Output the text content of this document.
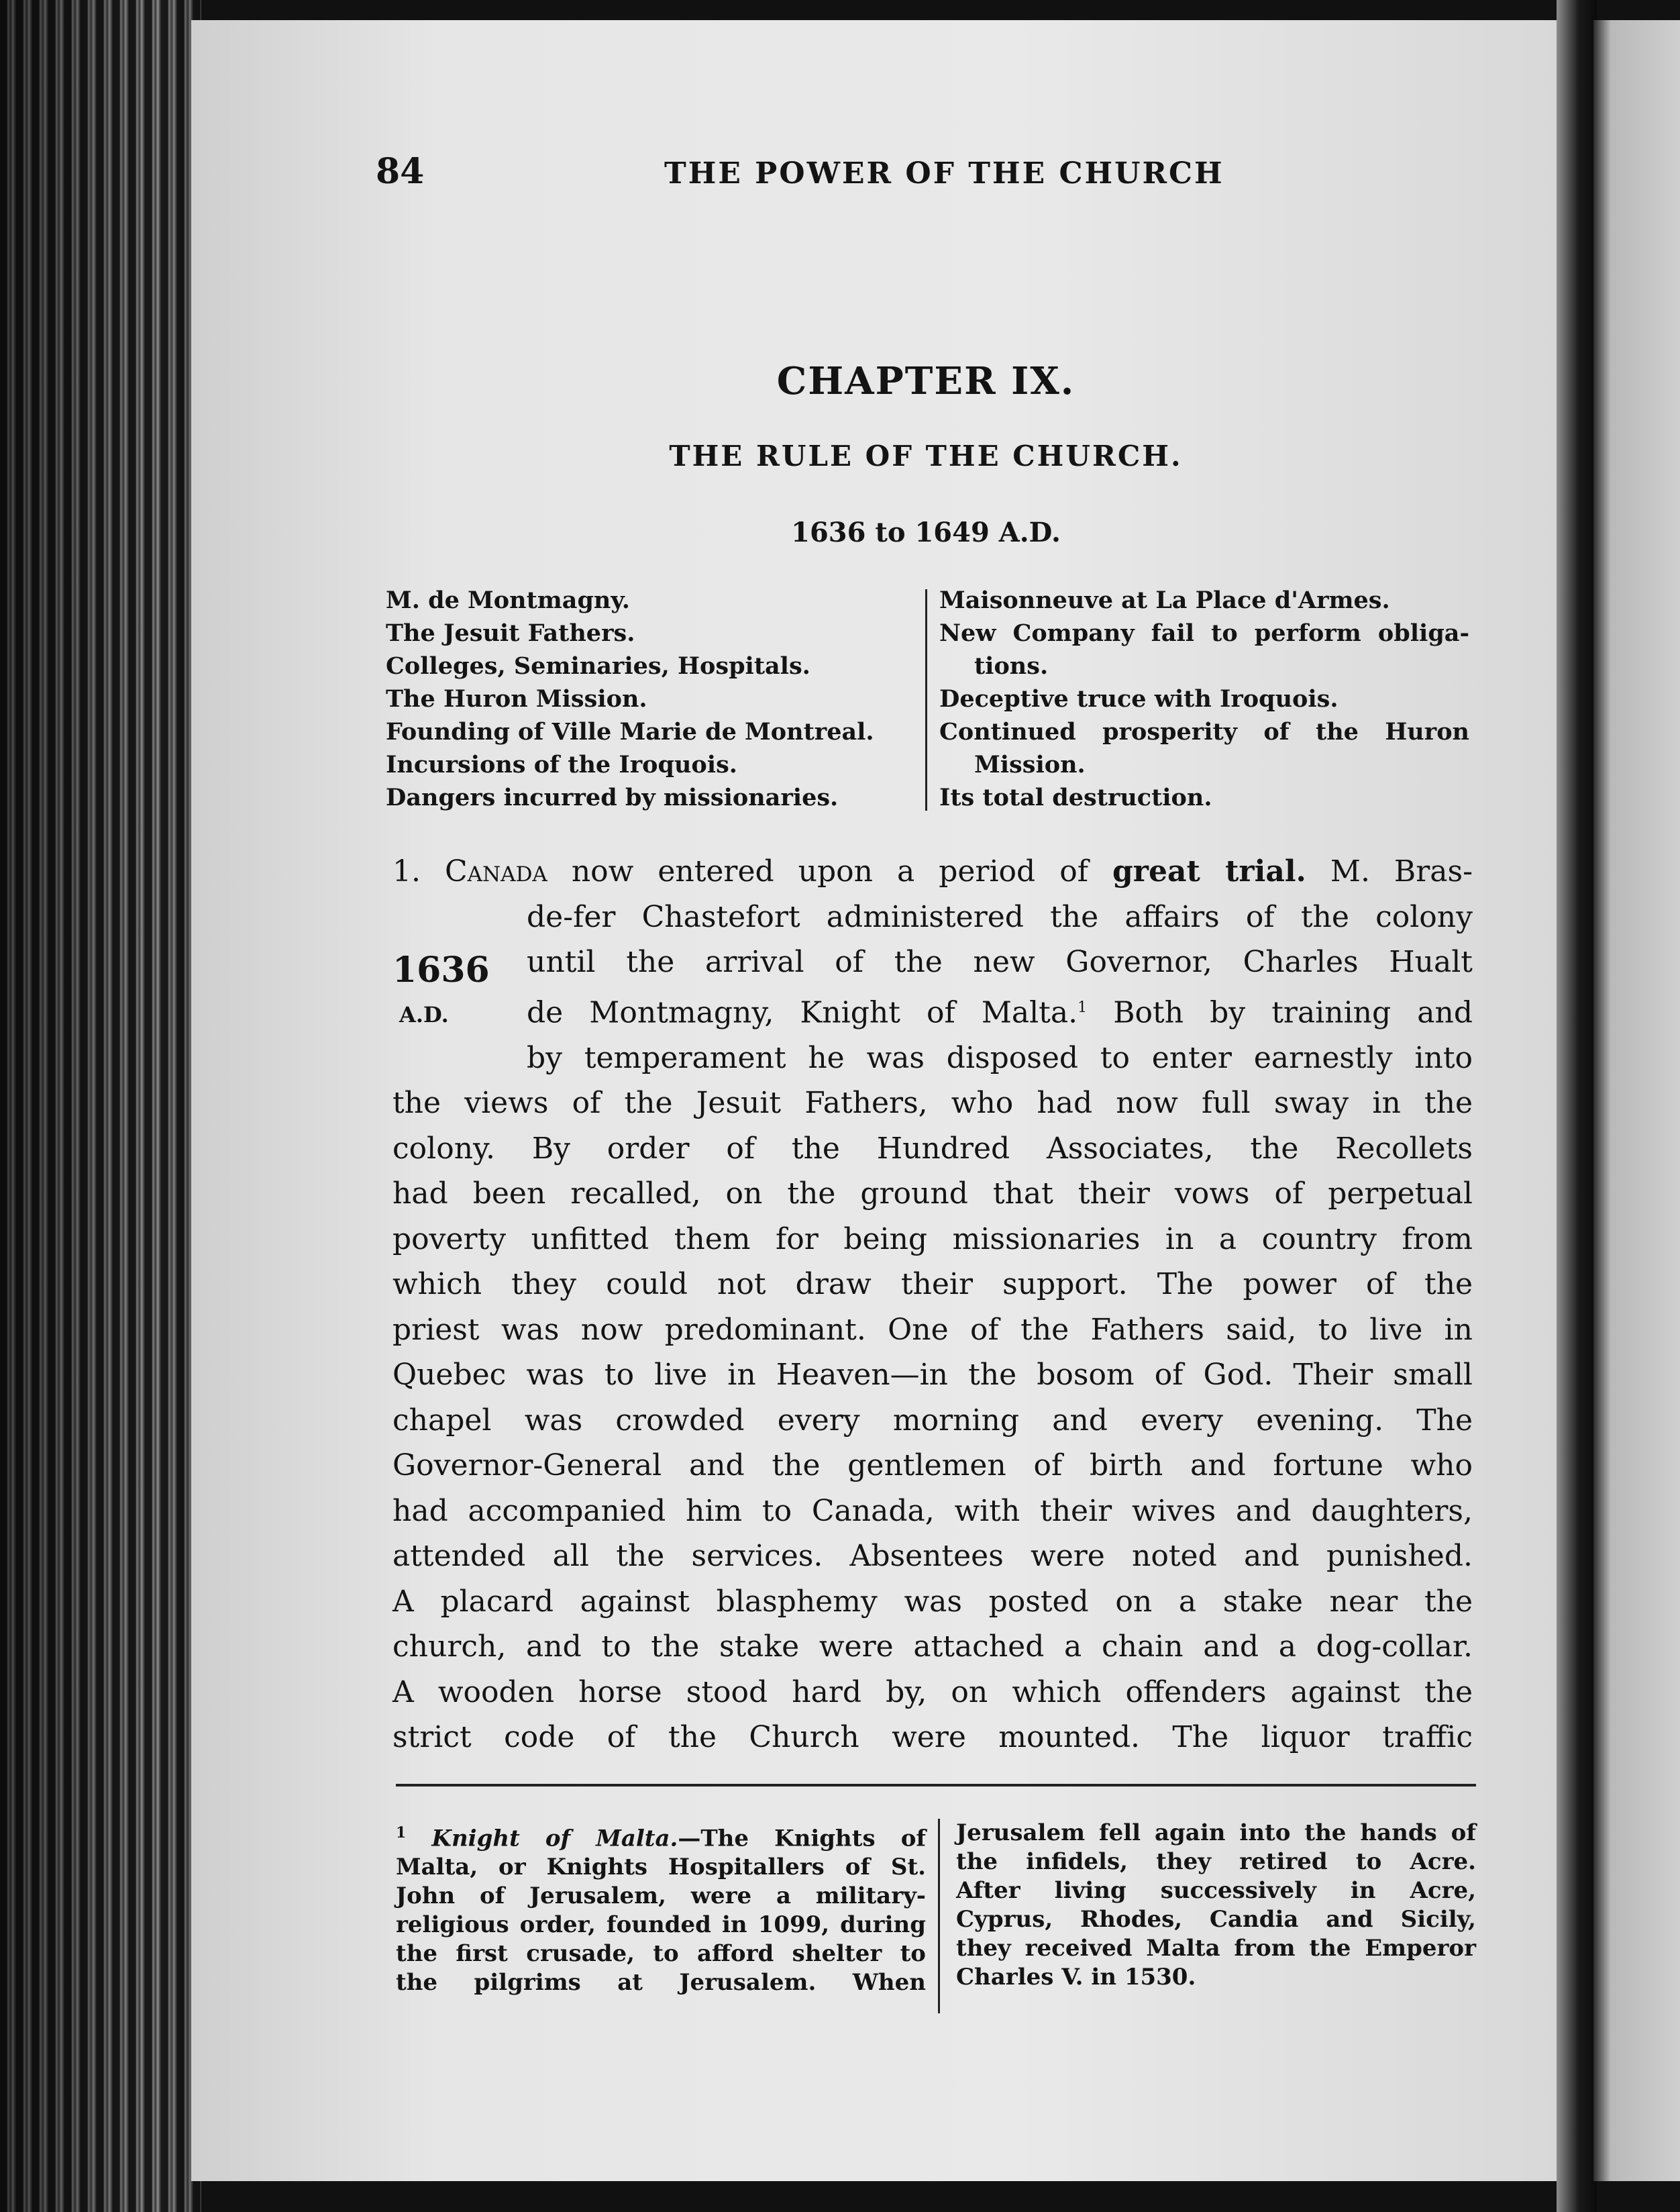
84	THE POWER OF THE CHURCH
CHAPTER IX.
THE RULE OF THE CHURCH.
1636 to 1649 A.D.
M. de Montmagny.
The Jesuit Fathers.
Colleges, Seminaries, Hospitals.
The Huron Mission.
Founding of Ville Marie de Montreal.
Incursions of the Iroquois.
Dangers incurred by missionaries.
Maisonneuve at La Place d'Armes.
New Company fail to perform obliga-
tions.
Deceptive truce with Iroquois.
Continued prosperity of the Huron
Mission.
Its total destruction.
1636
A.D.
1. Canada now entered upon a period of great trial. M. Bras-
de-fer Chastefort administered the affairs of the colony
until the arrival of the new Governor, Charles Hualt
de Montmagny, Knight of Malta.$^1$ Both by training and
by temperament he was disposed to enter earnestly into
the views of the Jesuit Fathers, who had now full sway in the
colony. By order of the Hundred Associates, the Recollets
had been recalled, on the ground that their vows of perpetual
poverty unfitted them for being missionaries in a country from
which they could not draw their support. The power of the
priest was now predominant. One of the Fathers said, to live in
Quebec was to live in Heaven—in the bosom of God. Their small
chapel was crowded every morning and every evening. The
Governor-General and the gentlemen of birth and fortune who
had accompanied him to Canada, with their wives and daughters,
attended all the services. Absentees were noted and punished.
A placard against blasphemy was posted on a stake near the
church, and to the stake were attached a chain and a dog-collar.
A wooden horse stood hard by, on which offenders against the
strict code of the Church were mounted. The liquor traffic
$^1$ Knight of Malta.—The Knights of
Malta, or Knights Hospitallers of St.
John of Jerusalem, were a military-
religious order, founded in 1099, during
the first crusade, to afford shelter to
the pilgrims at Jerusalem. When
Jerusalem fell again into the hands of
the infidels, they retired to Acre.
After living successively in Acre,
Cyprus, Rhodes, Candia and Sicily,
they received Malta from the Emperor
Charles V. in 1530.
